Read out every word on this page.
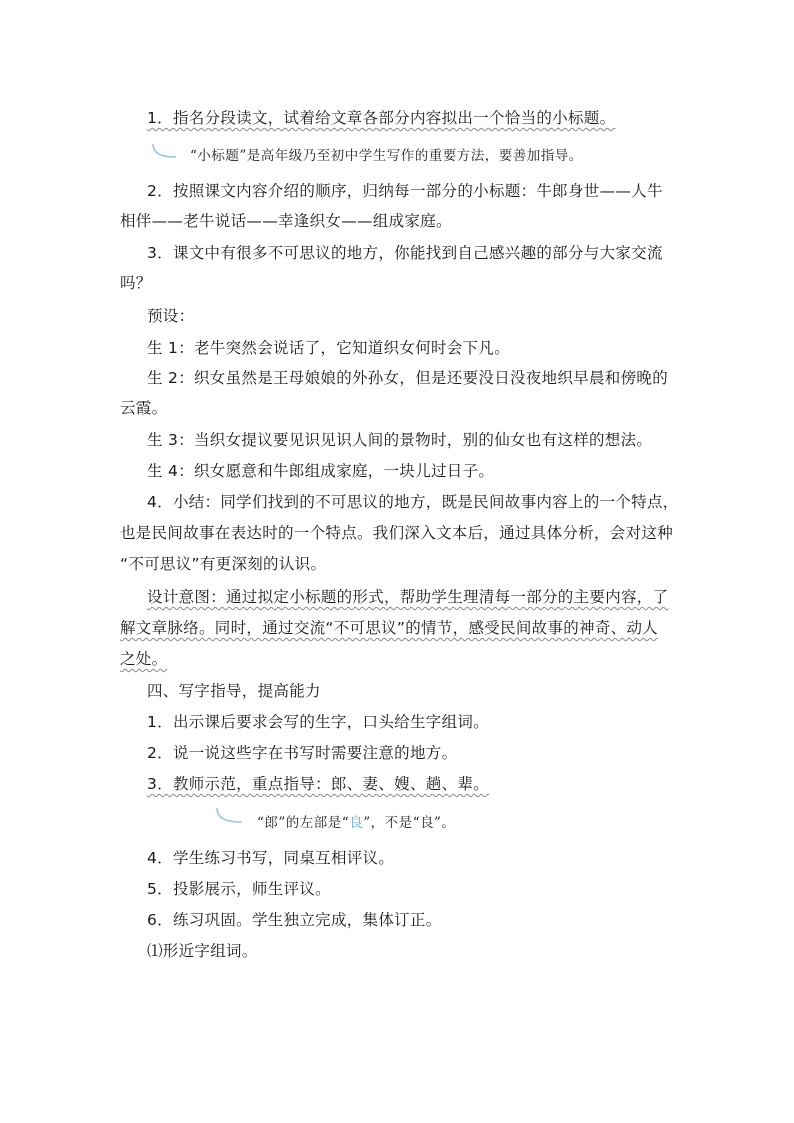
1．指名分段读文，试着给文章各部分内容拟出一个恰当的小标题。
“小标题”是高年级乃至初中学生写作的重要方法，要善加指导。
2．按照课文内容介绍的顺序，归纳每一部分的小标题：牛郎身世——人牛
相伴——老牛说话——幸逢织女——组成家庭。
3．课文中有很多不可思议的地方，你能找到自己感兴趣的部分与大家交流
吗？
预设：
生 1：老牛突然会说话了，它知道织女何时会下凡。
生 2：织女虽然是王母娘娘的外孙女，但是还要没日没夜地织早晨和傍晚的
云霞。
生 3：当织女提议要见识见识人间的景物时，别的仙女也有这样的想法。
生 4：织女愿意和牛郎组成家庭，一块儿过日子。
4．小结：同学们找到的不可思议的地方，既是民间故事内容上的一个特点，
也是民间故事在表达时的一个特点。我们深入文本后，通过具体分析，会对这种
“不可思议”有更深刻的认识。
设计意图：通过拟定小标题的形式，帮助学生理清每一部分的主要内容，了
解文章脉络。同时，通过交流“不可思议”的情节，感受民间故事的神奇、动人
之处。
四、写字指导，提高能力
1．出示课后要求会写的生字，口头给生字组词。
2．说一说这些字在书写时需要注意的地方。
3．教师示范，重点指导：郎、妻、嫂、趟、辈。
“郎”的左部是“良”，不是“良”。
4．学生练习书写，同桌互相评议。
5．投影展示，师生评议。
6．练习巩固。学生独立完成，集体订正。
⑴形近字组词。
